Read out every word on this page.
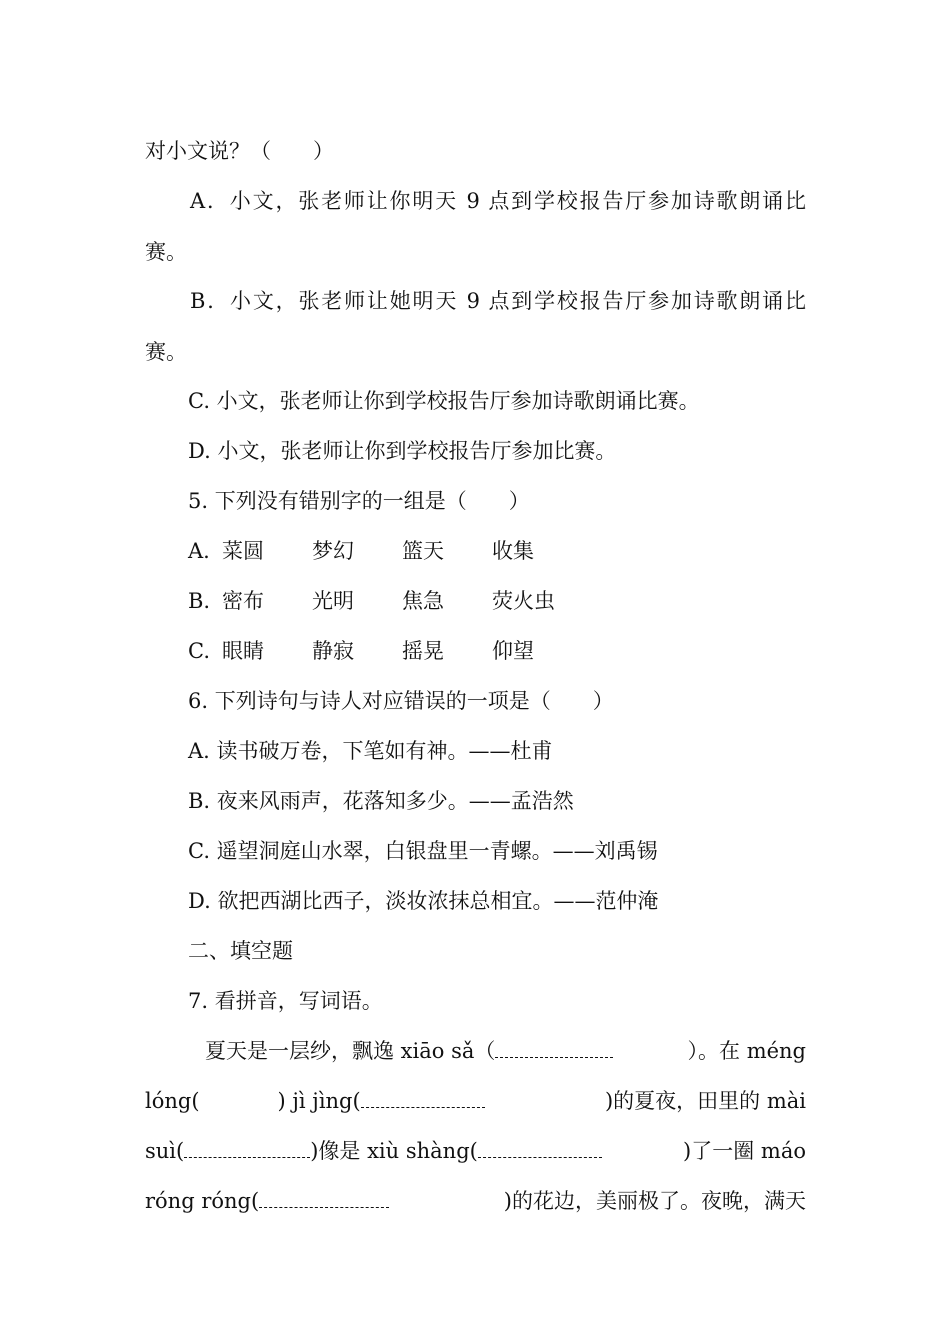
对小文说？（　　）
A．小文，张老师让你明天 9 点到学校报告厅参加诗歌朗诵比
赛。
B．小文，张老师让她明天 9 点到学校报告厅参加诗歌朗诵比
赛。
C. 小文，张老师让你到学校报告厅参加诗歌朗诵比赛。
D. 小文，张老师让你到学校报告厅参加比赛。
5. 下列没有错别字的一组是（　　）
A. 菜圆 梦幻 篮天 收集
B. 密布 光明 焦急 荧火虫
C. 眼睛 静寂 摇晃 仰望
6. 下列诗句与诗人对应错误的一项是（　　）
A. 读书破万卷，下笔如有神。——杜甫
B. 夜来风雨声，花落知多少。——孟浩然
C. 遥望洞庭山水翠，白银盘里一青螺。——刘禹锡
D. 欲把西湖比西子，淡妆浓抹总相宜。——范仲淹
二、填空题
7. 看拼音，写词语。
夏天是一层纱，飘逸 xiāo sǎ（	）。在 méng
lóng(	) jì jìng(	)的夏夜，田里的 mài
suì(	)像是 xiù shàng(	)了一圈 máo
róng róng(	)的花边，美丽极了。夜晚，满天
